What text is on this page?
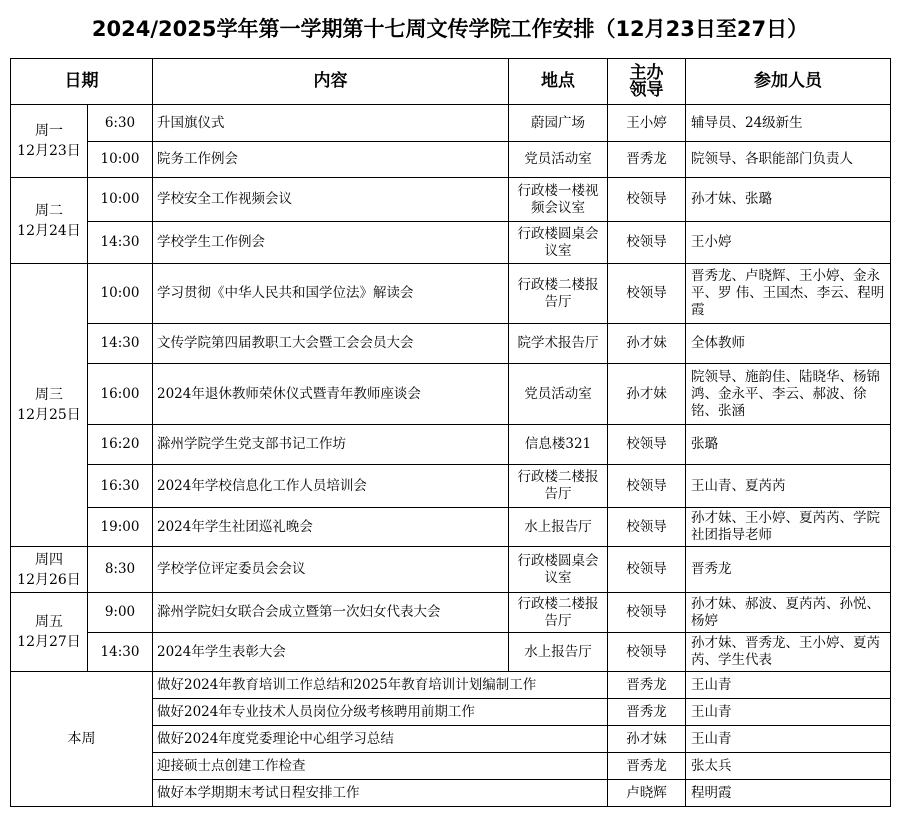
2024/2025学年第一学期第十七周文传学院工作安排（12月23日至27日）
日期		内容	地点	主办
领导	参加人员
周一
12月23日	6:30	升国旗仪式	蔚园广场	王小婷	辅导员、24级新生
	10:00	院务工作例会	党员活动室	晋秀龙	院领导、各职能部门负责人
周二
12月24日	10:00	学校安全工作视频会议	行政楼一楼视频会议室	校领导	孙才妹、张璐
	14:30	学校学生工作例会	行政楼圆桌会议室	校领导	王小婷
周三
12月25日	10:00	学习贯彻《中华人民共和国学位法》解读会	行政楼二楼报告厅	校领导	晋秀龙、卢晓辉、王小婷、金永平、罗 伟、王国杰、李云、程明霞
	14:30	文传学院第四届教职工大会暨工会会员大会	院学术报告厅	孙才妹	全体教师
	16:00	2024年退休教师荣休仪式暨青年教师座谈会	党员活动室	孙才妹	院领导、施韵佳、陆晓华、杨锦鸿、金永平、李云、郝波、徐铭、张涵
	16:20	滁州学院学生党支部书记工作坊	信息楼321	校领导	张璐
	16:30	2024年学校信息化工作人员培训会	行政楼二楼报告厅	校领导	王山青、夏芮芮
	19:00	2024年学生社团巡礼晚会	水上报告厅	校领导	孙才妹、王小婷、夏芮芮、学院社团指导老师
周四
12月26日	8:30	学校学位评定委员会会议	行政楼圆桌会议室	校领导	晋秀龙
周五
12月27日	9:00	滁州学院妇女联合会成立暨第一次妇女代表大会	行政楼二楼报告厅	校领导	孙才妹、郝波、夏芮芮、孙悦、杨婷
	14:30	2024年学生表彰大会	水上报告厅	校领导	孙才妹、晋秀龙、王小婷、夏芮芮、学生代表
本周		做好2024年教育培训工作总结和2025年教育培训计划编制工作		晋秀龙	王山青
		做好2024年专业技术人员岗位分级考核聘用前期工作		晋秀龙	王山青
		做好2024年度党委理论中心组学习总结		孙才妹	王山青
		迎接硕士点创建工作检查		晋秀龙	张太兵
		做好本学期期末考试日程安排工作		卢晓辉	程明霞
